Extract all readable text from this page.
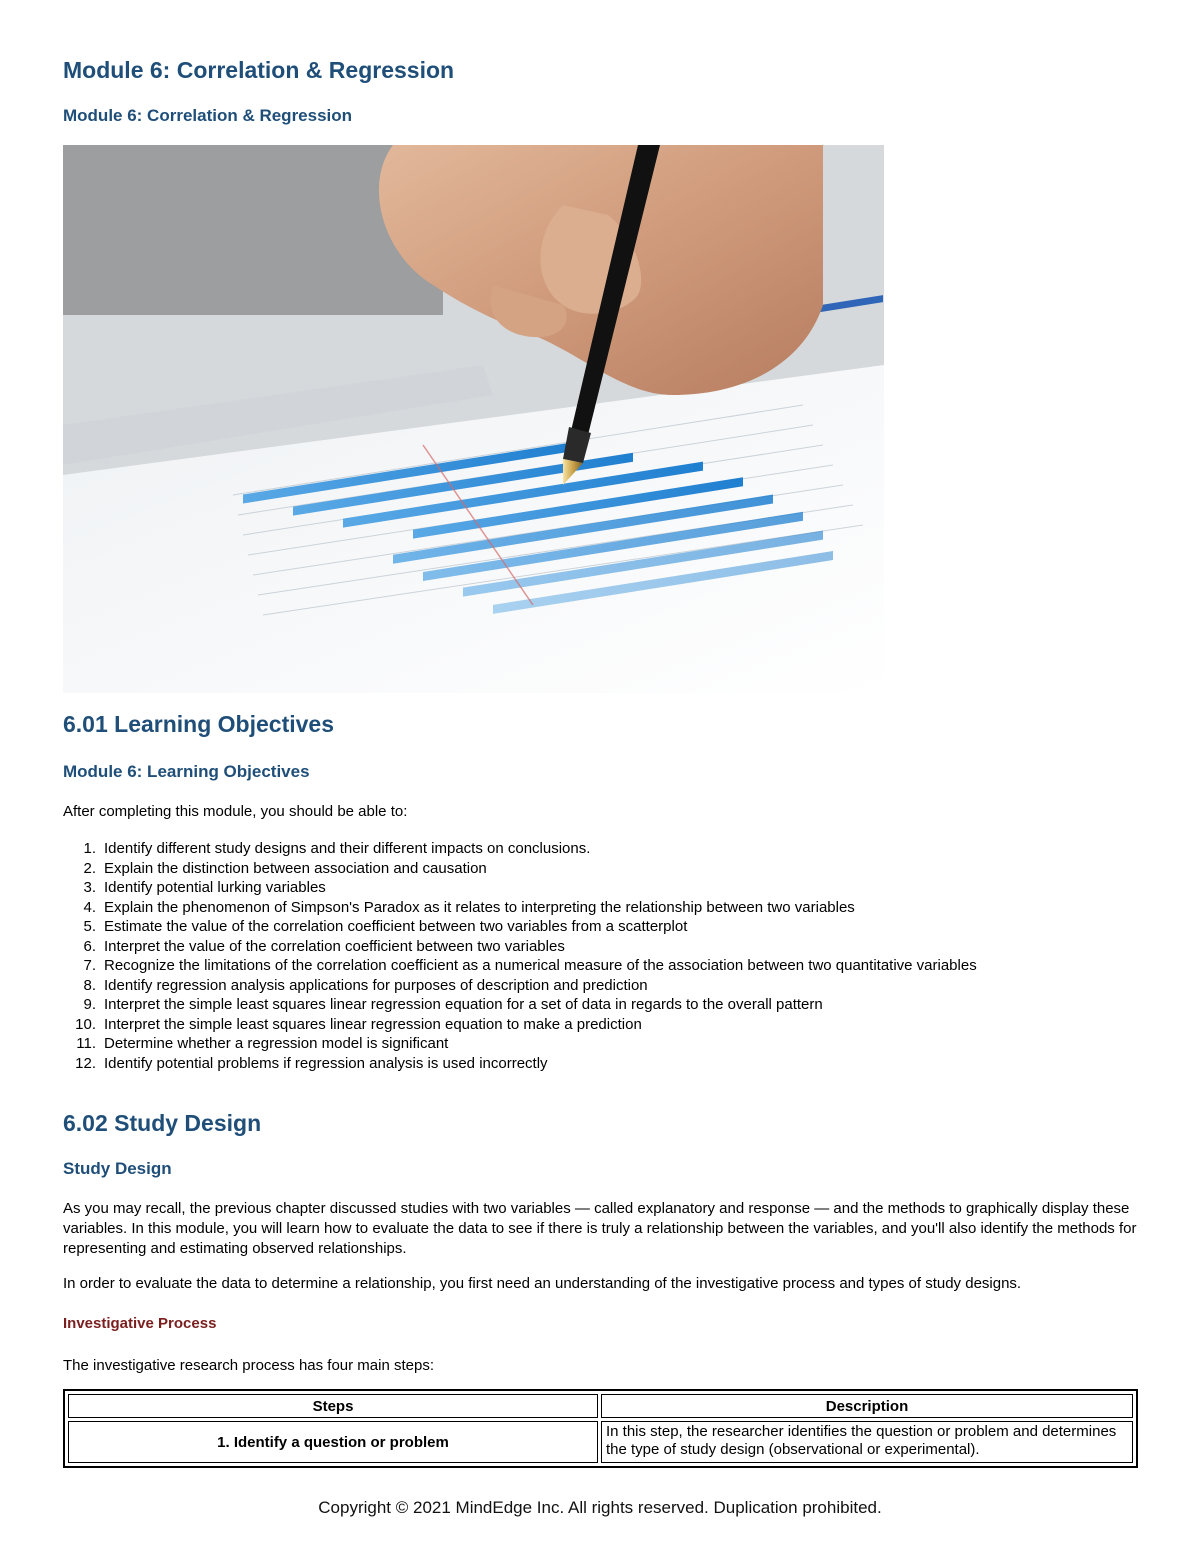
Module 6: Correlation & Regression
Module 6: Correlation & Regression
6.01 Learning Objectives
Module 6: Learning Objectives

After completing this module, you should be able to:

1. Identify different study designs and their different impacts on conclusions.
2. Explain the distinction between association and causation
3. Identify potential lurking variables
4. Explain the phenomenon of Simpson's Paradox as it relates to interpreting the relationship between two variables
5. Estimate the value of the correlation coefficient between two variables from a scatterplot
6. Interpret the value of the correlation coefficient between two variables
7. Recognize the limitations of the correlation coefficient as a numerical measure of the association between two quantitative variables
8. Identify regression analysis applications for purposes of description and prediction
9. Interpret the simple least squares linear regression equation for a set of data in regards to the overall pattern
10. Interpret the simple least squares linear regression equation to make a prediction
11. Determine whether a regression model is significant
12. Identify potential problems if regression analysis is used incorrectly
6.02 Study Design
Study Design

As you may recall, the previous chapter discussed studies with two variables — called explanatory and response — and the methods to graphically display these variables. In this module, you will learn how to evaluate the data to see if there is truly a relationship between the variables, and you'll also identify the methods for representing and estimating observed relationships.

In order to evaluate the data to determine a relationship, you first need an understanding of the investigative process and types of study designs.

Investigative Process

The investigative research process has four main steps:

Steps	Description
1. Identify a question or problem	In this step, the researcher identifies the question or problem and determines the type of study design (observational or experimental).
Copyright © 2021 MindEdge Inc. All rights reserved. Duplication prohibited.
